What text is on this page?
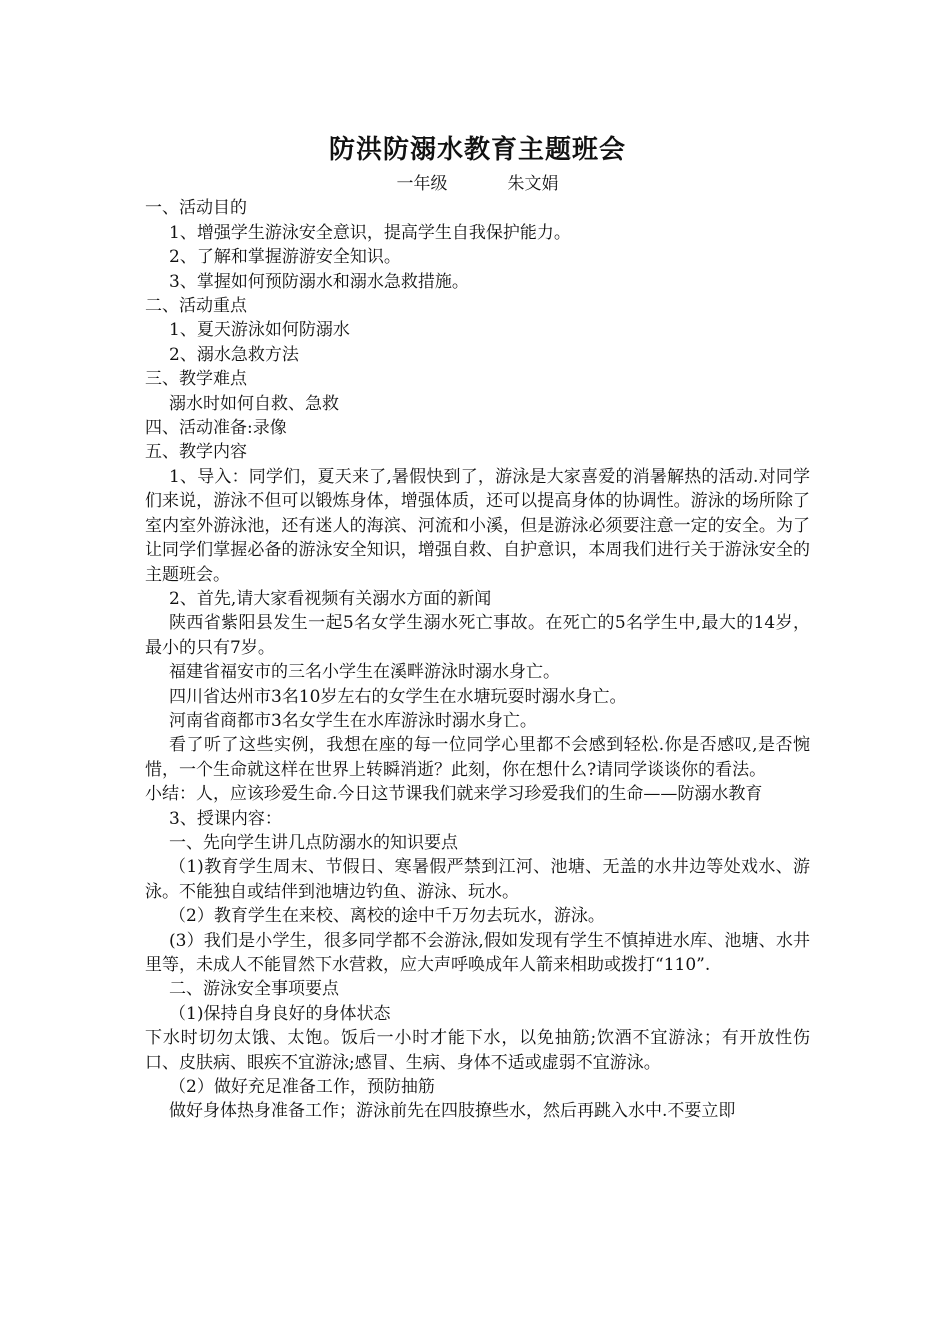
防洪防溺水教育主题班会

一年级	朱文娟

一、活动目的

1、增强学生游泳安全意识，提高学生自我保护能力。

2、了解和掌握游游安全知识。

3、掌握如何预防溺水和溺水急救措施。

二、活动重点

1、夏天游泳如何防溺水

2、溺水急救方法

三、教学难点

溺水时如何自救、急救

四、活动准备:录像

五、教学内容

1、导入：同学们，夏天来了,暑假快到了，游泳是大家喜爱的消暑解热的活动.对同学们来说，游泳不但可以锻炼身体，增强体质，还可以提高身体的协调性。游泳的场所除了室内室外游泳池，还有迷人的海滨、河流和小溪，但是游泳必须要注意一定的安全。为了让同学们掌握必备的游泳安全知识，增强自救、自护意识，本周我们进行关于游泳安全的主题班会。

2、首先,请大家看视频有关溺水方面的新闻

陕西省紫阳县发生一起5名女学生溺水死亡事故。在死亡的5名学生中,最大的14岁，最小的只有7岁。

福建省福安市的三名小学生在溪畔游泳时溺水身亡。

四川省达州市3名10岁左右的女学生在水塘玩耍时溺水身亡。

河南省商都市3名女学生在水库游泳时溺水身亡。

看了听了这些实例，我想在座的每一位同学心里都不会感到轻松.你是否感叹,是否惋惜，一个生命就这样在世界上转瞬消逝？此刻，你在想什么?请同学谈谈你的看法。

小结：人，应该珍爱生命.今日这节课我们就来学习珍爱我们的生命——防溺水教育

3、授课内容：

一、先向学生讲几点防溺水的知识要点

（1)教育学生周末、节假日、寒暑假严禁到江河、池塘、无盖的水井边等处戏水、游泳。不能独自或结伴到池塘边钓鱼、游泳、玩水。

（2）教育学生在来校、离校的途中千万勿去玩水，游泳。

(3）我们是小学生，很多同学都不会游泳,假如发现有学生不慎掉进水库、池塘、水井里等，未成人不能冒然下水营救，应大声呼唤成年人箭来相助或拨打“110”.

二、游泳安全事项要点

（1)保持自身良好的身体状态

下水时切勿太饿、太饱。饭后一小时才能下水，以免抽筋;饮酒不宜游泳；有开放性伤口、皮肤病、眼疾不宜游泳;感冒、生病、身体不适或虚弱不宜游泳。

（2）做好充足准备工作，预防抽筋

做好身体热身准备工作；游泳前先在四肢撩些水，然后再跳入水中.不要立即
